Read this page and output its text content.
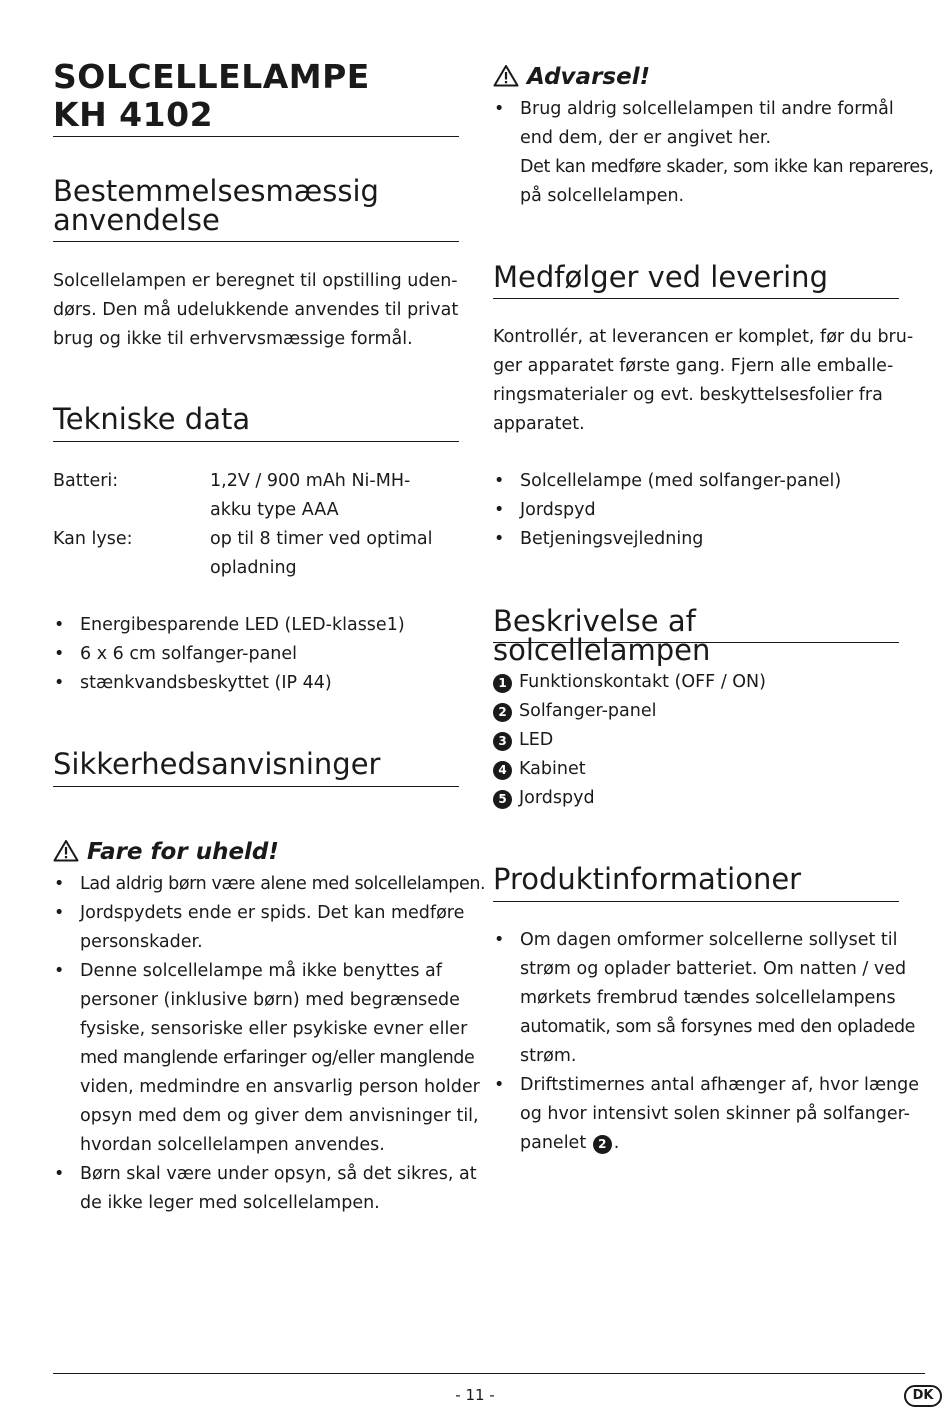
SOLCELLELAMPE
KH 4102
Bestemmelsesmæssig
anvendelse

Solcellelampen er beregnet til opstilling uden-
dørs. Den må udelukkende anvendes til privat
brug og ikke til erhvervsmæssige formål.

Tekniske data
Batteri:	1,2V / 900 mAh Ni-MH-
akku type AAA
Kan lyse:	op til 8 timer ved optimal
opladning
• Energibesparende LED (LED-klasse1)
• 6 x 6 cm solfanger-panel
• stænkvandsbeskyttet (IP 44)
Sikkerhedsanvisninger
Fare for uheld!
• Lad aldrig børn være alene med solcellelampen.
• Jordspydets ende er spids. Det kan medføre
personskader.
• Denne solcellelampe må ikke benyttes af
personer (inklusive børn) med begrænsede
fysiske, sensoriske eller psykiske evner eller
med manglende erfaringer og/eller manglende
viden, medmindre en ansvarlig person holder
opsyn med dem og giver dem anvisninger til,
hvordan solcellelampen anvendes.
• Børn skal være under opsyn, så det sikres, at
de ikke leger med solcellelampen.
Advarsel!
• Brug aldrig solcellelampen til andre formål
end dem, der er angivet her.
Det kan medføre skader, som ikke kan repareres,
på solcellelampen.
Medfølger ved levering

Kontrollér, at leverancen er komplet, før du bru-
ger apparatet første gang. Fjern alle emballe-
ringsmaterialer og evt. beskyttelsesfolier fra
apparatet.

• Solcellelampe (med solfanger-panel)
• Jordspyd
• Betjeningsvejledning
Beskrivelse af solcellelampen
1 Funktionskontakt (OFF / ON)
2 Solfanger-panel
3 LED
4 Kabinet
5 Jordspyd
Produktinformationer
• Om dagen omformer solcellerne sollyset til
strøm og oplader batteriet. Om natten / ved
mørkets frembrud tændes solcellelampens
automatik, som så forsynes med den opladede
strøm.
• Driftstimernes antal afhænger af, hvor længe
og hvor intensivt solen skinner på solfanger-
panelet 2 .
- 11 -	DK
